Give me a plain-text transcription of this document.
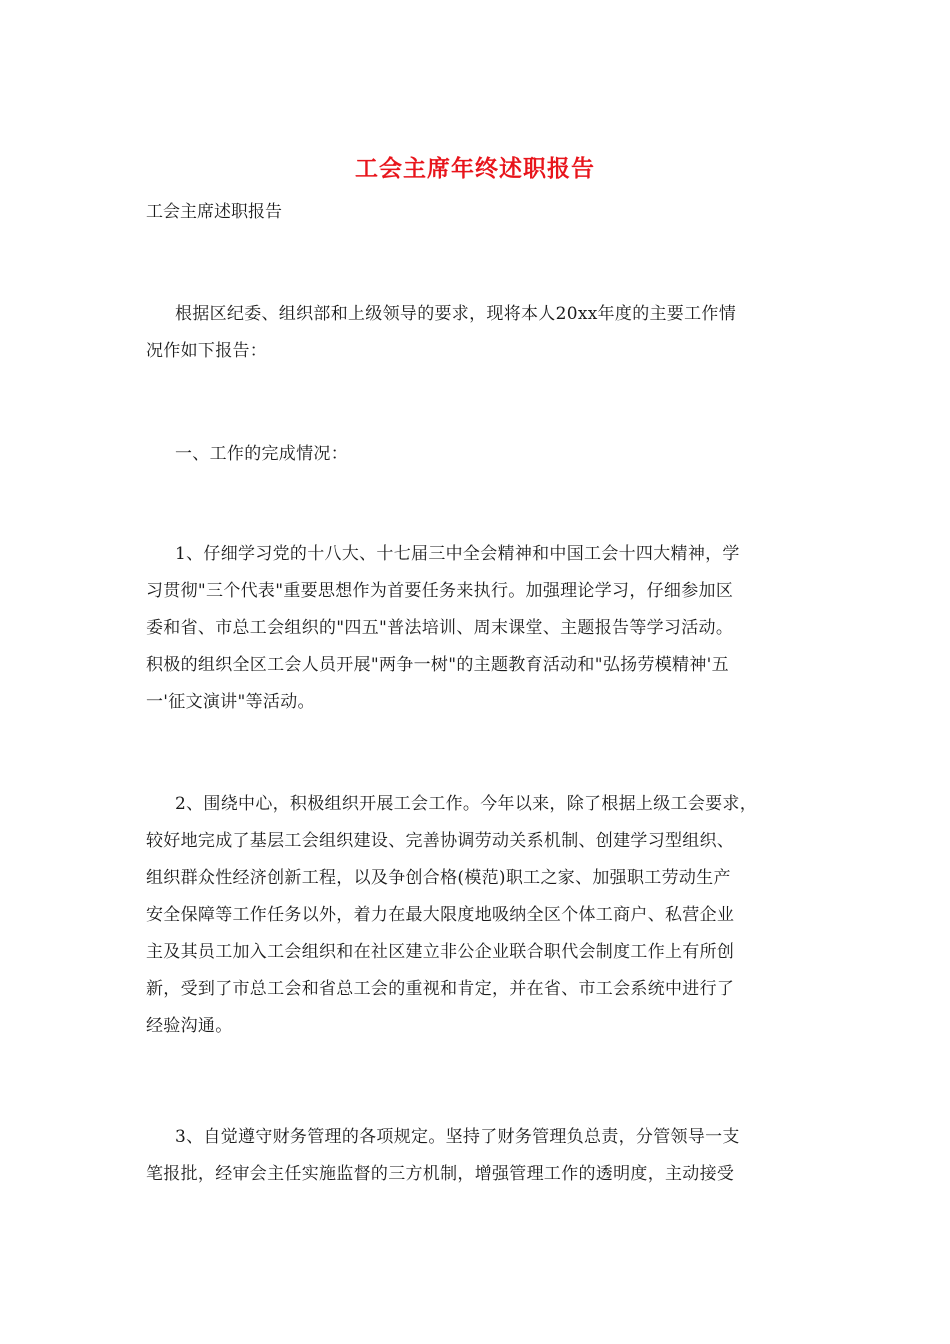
工会主席年终述职报告
工会主席述职报告

根据区纪委、组织部和上级领导的要求，现将本人20xx年度的主要工作情
况作如下报告：

一、工作的完成情况：

1、仔细学习党的十八大、十七届三中全会精神和中国工会十四大精神，学
习贯彻"三个代表"重要思想作为首要任务来执行。加强理论学习，仔细参加区
委和省、市总工会组织的"四五"普法培训、周末课堂、主题报告等学习活动。
积极的组织全区工会人员开展"两争一树"的主题教育活动和"弘扬劳模精神'五
一'征文演讲"等活动。

2、围绕中心，积极组织开展工会工作。今年以来，除了根据上级工会要求，
较好地完成了基层工会组织建设、完善协调劳动关系机制、创建学习型组织、
组织群众性经济创新工程，以及争创合格(模范)职工之家、加强职工劳动生产
安全保障等工作任务以外，着力在最大限度地吸纳全区个体工商户、私营企业
主及其员工加入工会组织和在社区建立非公企业联合职代会制度工作上有所创
新，受到了市总工会和省总工会的重视和肯定，并在省、市工会系统中进行了
经验沟通。

3、自觉遵守财务管理的各项规定。坚持了财务管理负总责，分管领导一支
笔报批，经审会主任实施监督的三方机制，增强管理工作的透明度，主动接受
